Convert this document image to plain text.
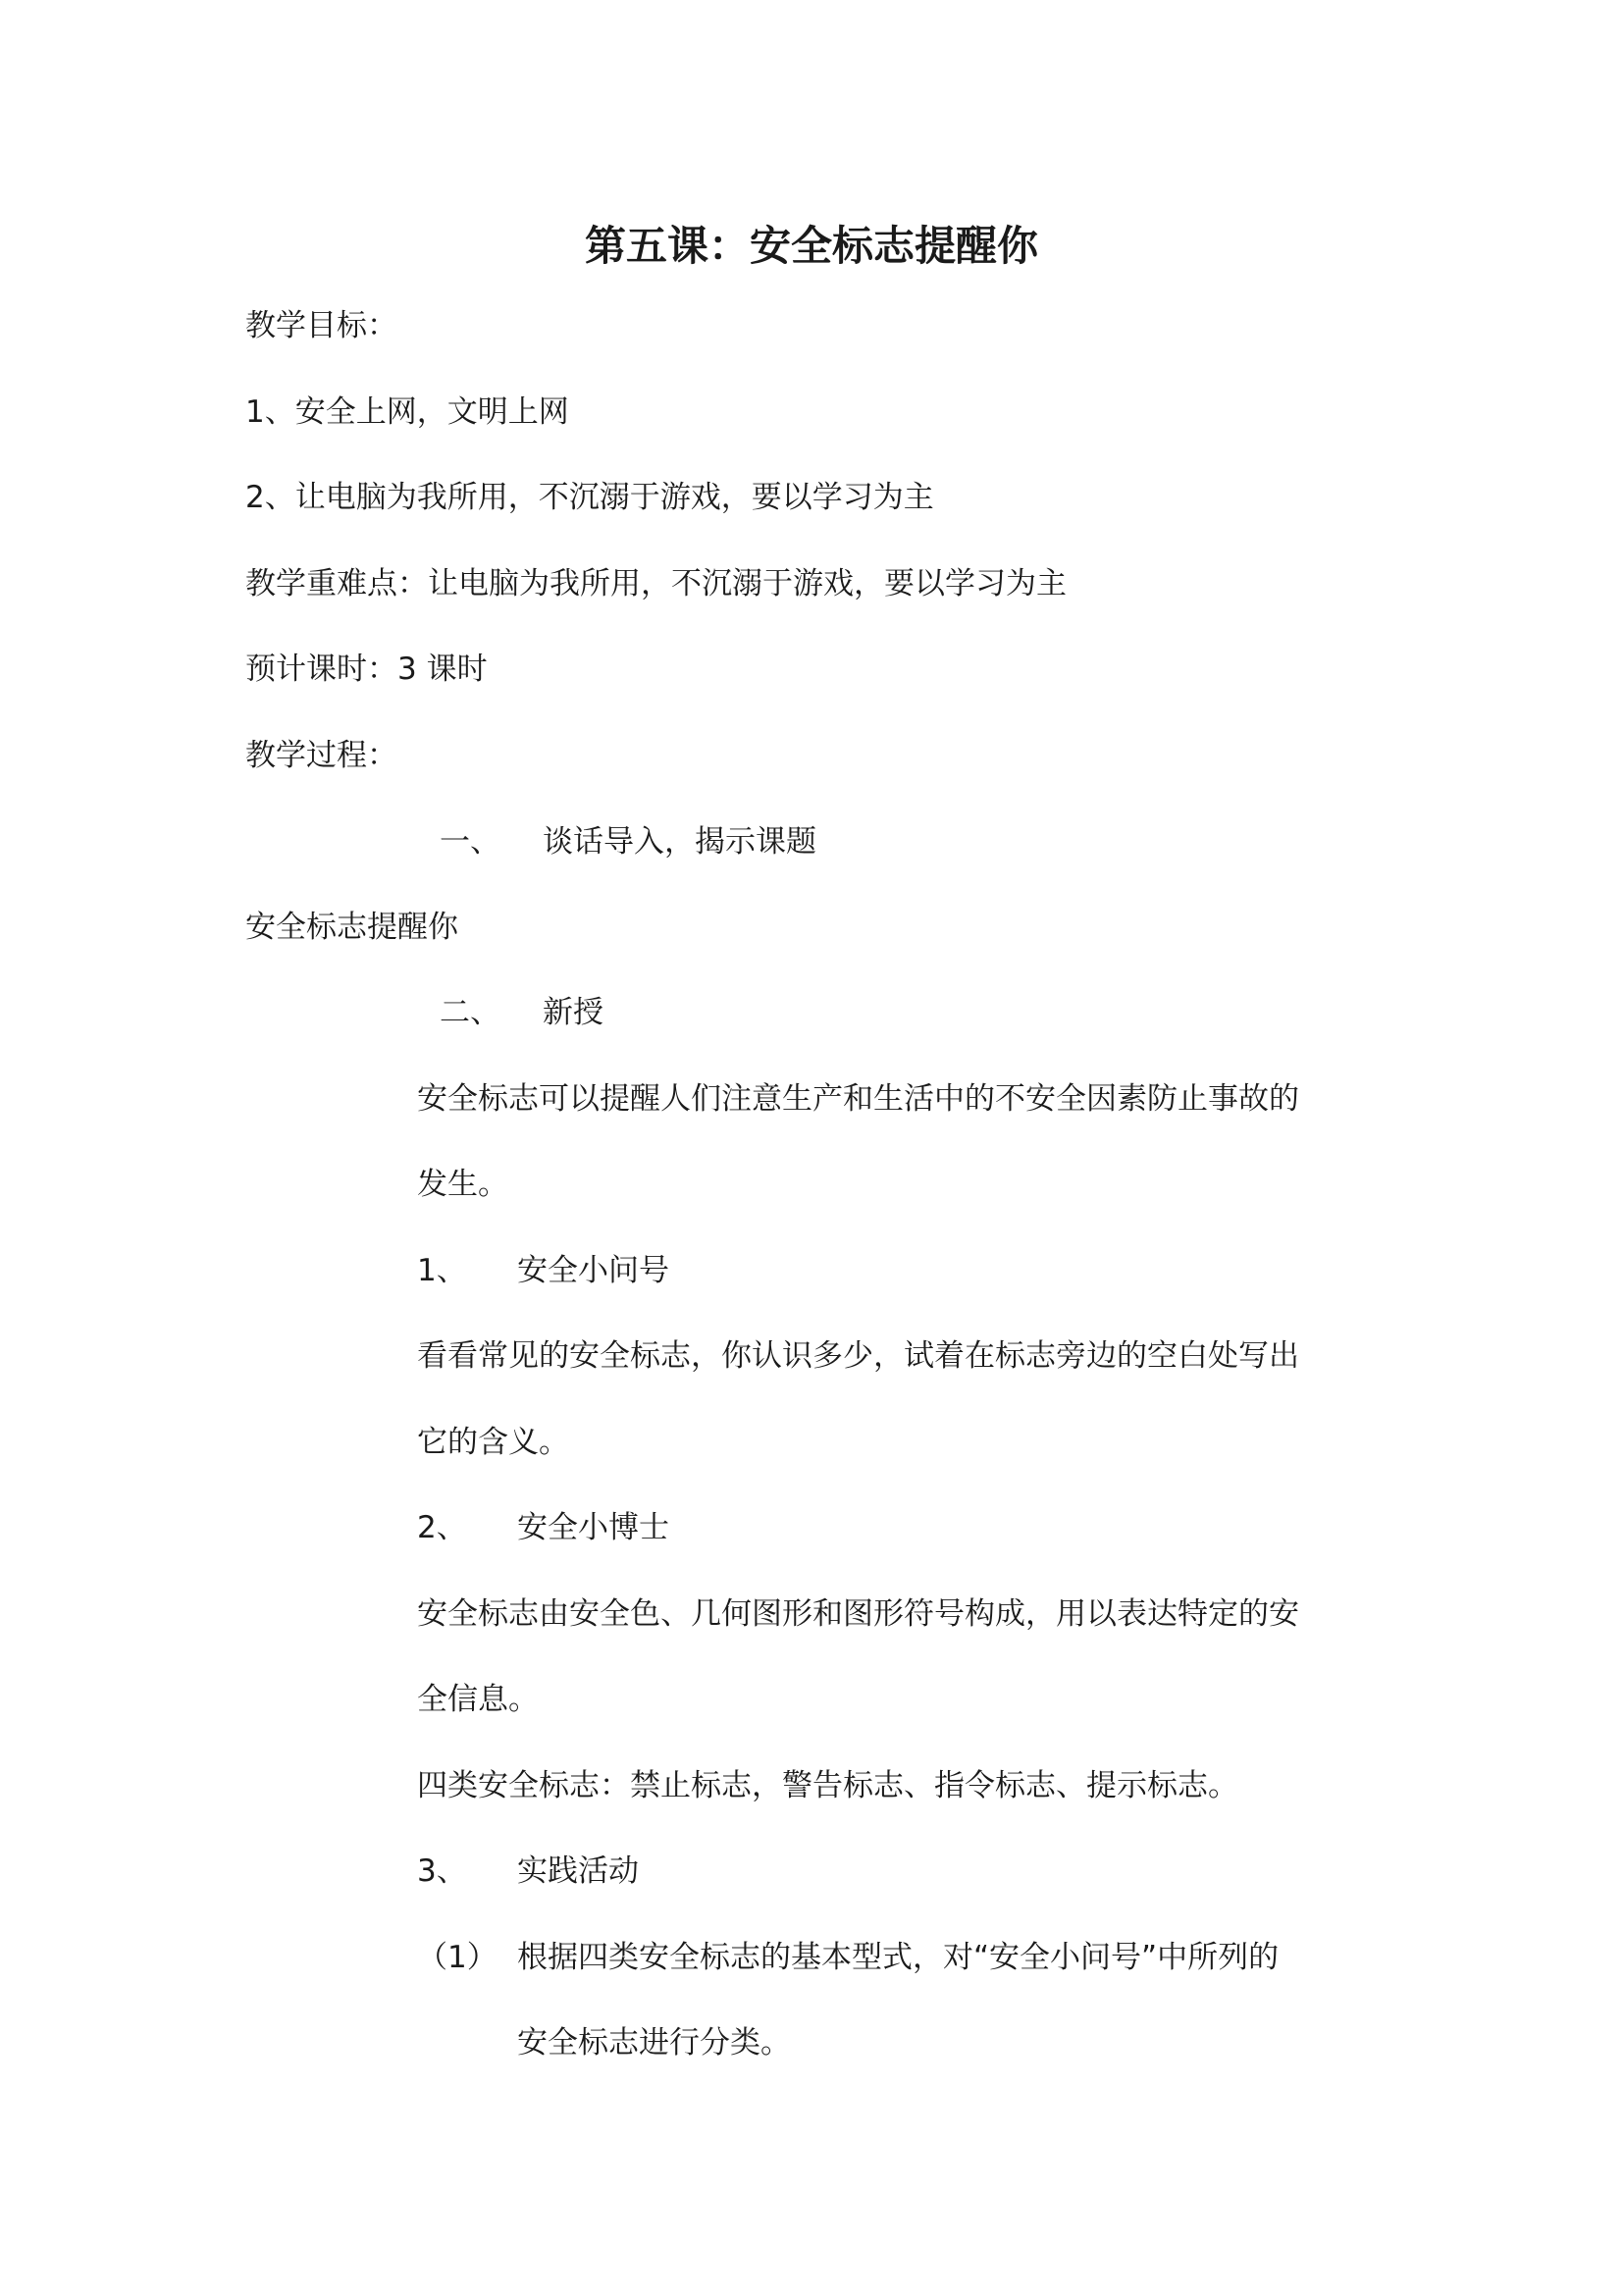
第五课：安全标志提醒你

教学目标：

1、安全上网，文明上网

2、让电脑为我所用，不沉溺于游戏，要以学习为主

教学重难点：让电脑为我所用，不沉溺于游戏，要以学习为主

预计课时：3 课时

教学过程：

一、 谈话导入，揭示课题

安全标志提醒你

二、 新授

安全标志可以提醒人们注意生产和生活中的不安全因素防止事故的

发生。

1、 安全小问号

看看常见的安全标志，你认识多少，试着在标志旁边的空白处写出

它的含义。

2、 安全小博士

安全标志由安全色、几何图形和图形符号构成，用以表达特定的安

全信息。

四类安全标志：禁止标志，警告标志、指令标志、提示标志。

3、 实践活动

（1） 根据四类安全标志的基本型式，对“安全小问号”中所列的

安全标志进行分类。
